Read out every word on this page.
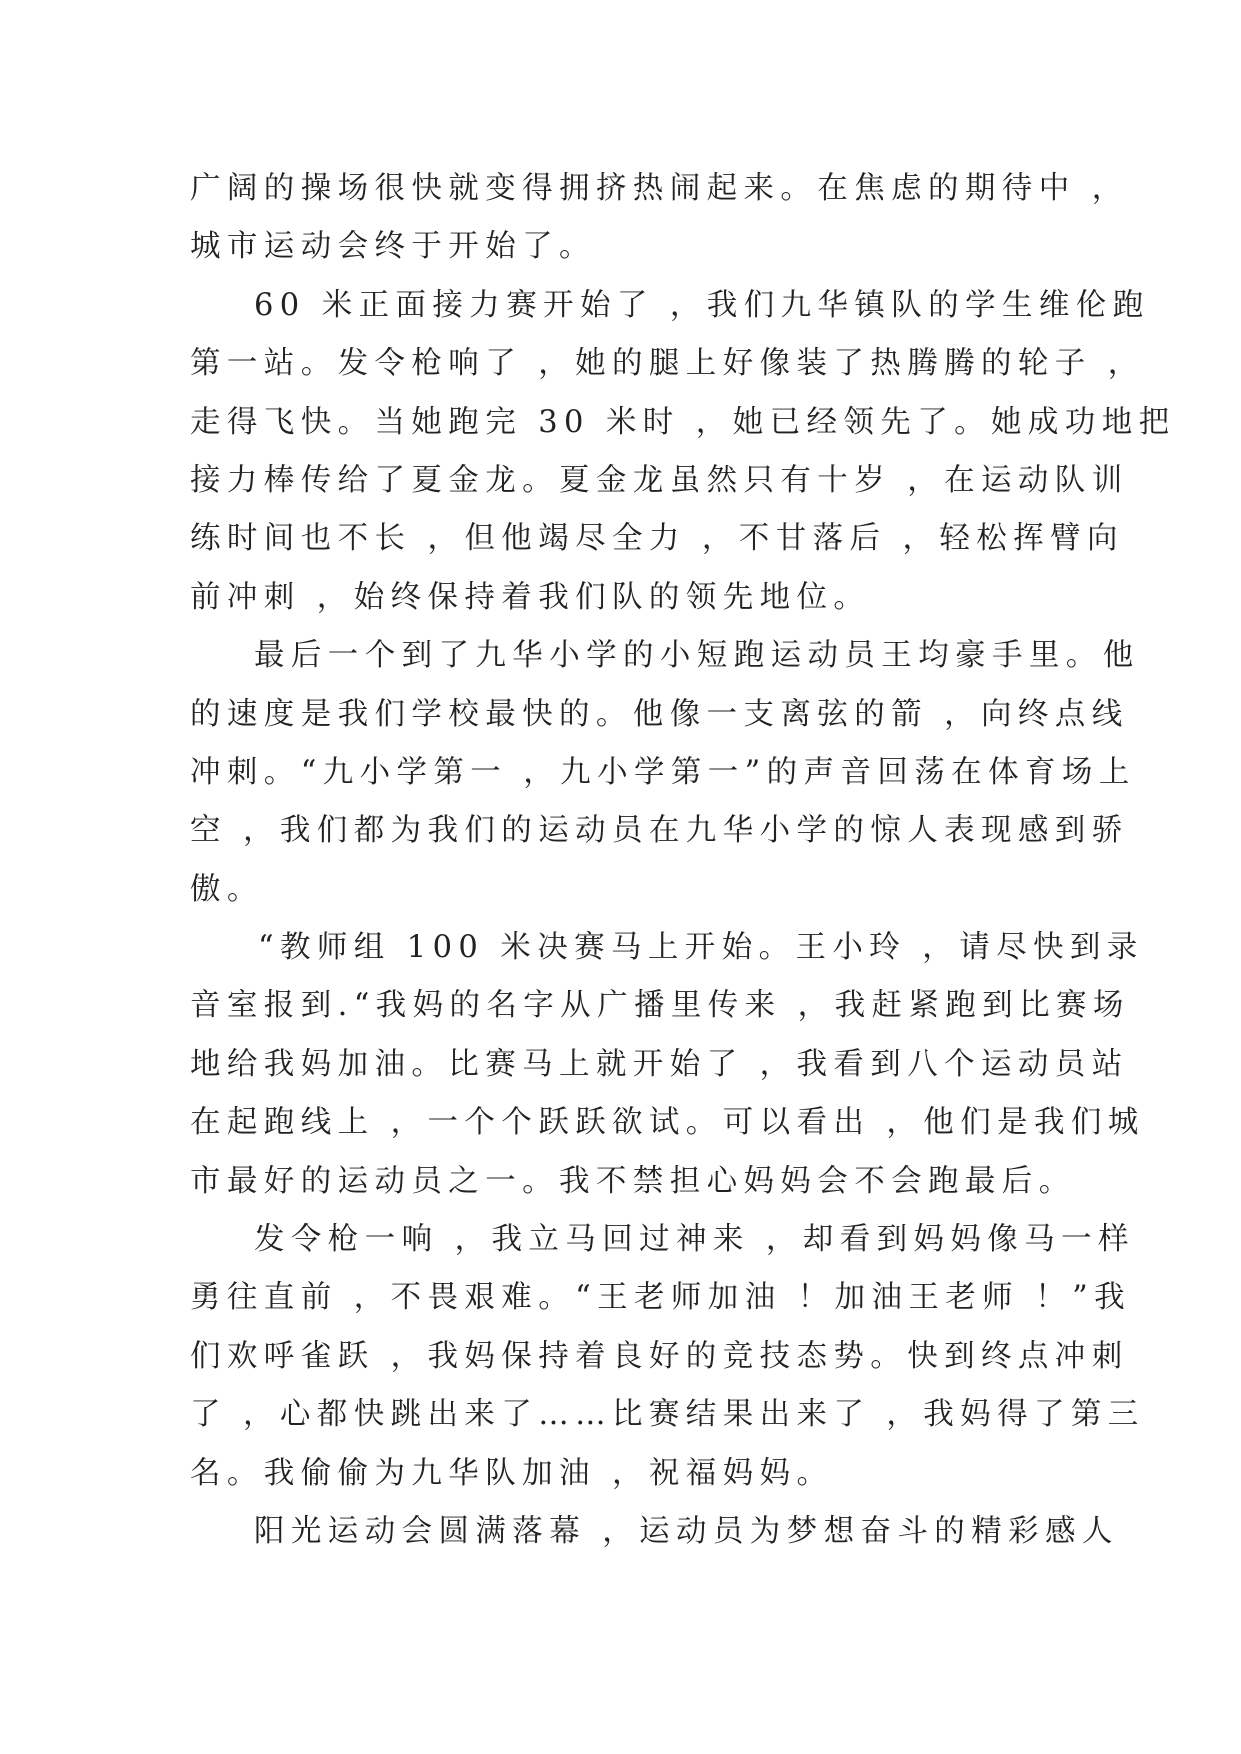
广阔的操场很快就变得拥挤热闹起来。在焦虑的期待中 ，
城市运动会终于开始了。
60 米正面接力赛开始了 ，我们九华镇队的学生维伦跑
第一站。发令枪响了 ，她的腿上好像装了热腾腾的轮子 ，
走得飞快。当她跑完 30 米时 ，她已经领先了。她成功地把
接力棒传给了夏金龙。夏金龙虽然只有十岁 ，在运动队训
练时间也不长 ，但他竭尽全力 ，不甘落后 ，轻松挥臂向
前冲刺 ，始终保持着我们队的领先地位。
最后一个到了九华小学的小短跑运动员王均豪手里。他
的速度是我们学校最快的。他像一支离弦的箭 ，向终点线
冲刺。“九小学第一 ，九小学第一”的声音回荡在体育场上
空 ，我们都为我们的运动员在九华小学的惊人表现感到骄
傲。
“教师组 100 米决赛马上开始。王小玲 ，请尽快到录
音室报到.“我妈的名字从广播里传来 ，我赶紧跑到比赛场
地给我妈加油。比赛马上就开始了 ，我看到八个运动员站
在起跑线上 ，一个个跃跃欲试。可以看出 ，他们是我们城
市最好的运动员之一。我不禁担心妈妈会不会跑最后。
发令枪一响 ，我立马回过神来 ，却看到妈妈像马一样
勇往直前 ，不畏艰难。“王老师加油 ！加油王老师 ！”我
们欢呼雀跃 ，我妈保持着良好的竞技态势。快到终点冲刺
了 ，心都快跳出来了……比赛结果出来了 ，我妈得了第三
名。我偷偷为九华队加油 ，祝福妈妈。
阳光运动会圆满落幕 ，运动员为梦想奋斗的精彩感人
